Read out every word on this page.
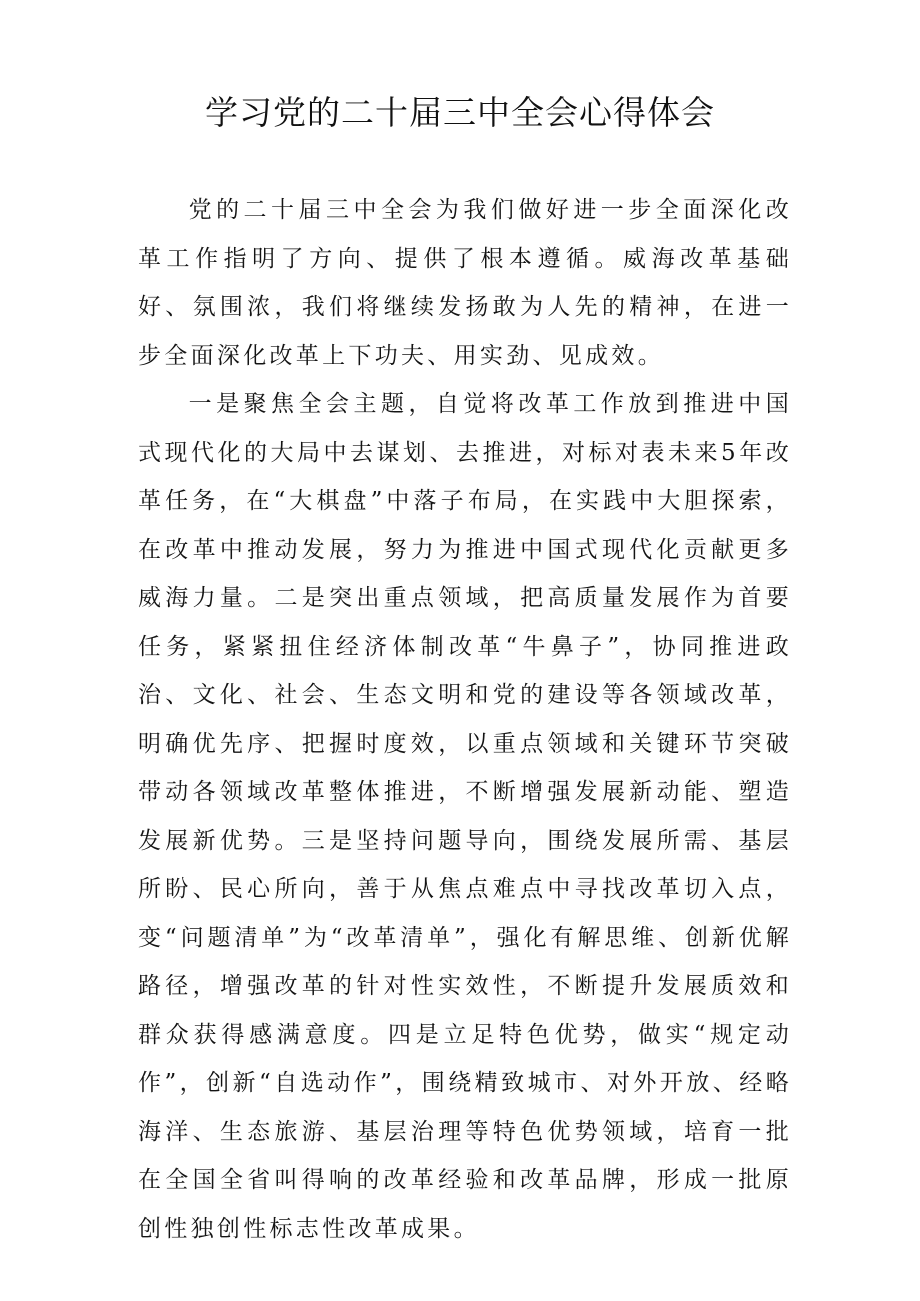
学习党的二十届三中全会心得体会

党的二十届三中全会为我们做好进一步全面深化改革工作指明了方向、提供了根本遵循。威海改革基础好、氛围浓，我们将继续发扬敢为人先的精神，在进一步全面深化改革上下功夫、用实劲、见成效。

一是聚焦全会主题，自觉将改革工作放到推进中国式现代化的大局中去谋划、去推进，对标对表未来5年改革任务，在“大棋盘”中落子布局，在实践中大胆探索，在改革中推动发展，努力为推进中国式现代化贡献更多威海力量。二是突出重点领域，把高质量发展作为首要任务，紧紧扭住经济体制改革“牛鼻子”，协同推进政治、文化、社会、生态文明和党的建设等各领域改革，明确优先序、把握时度效，以重点领域和关键环节突破带动各领域改革整体推进，不断增强发展新动能、塑造发展新优势。三是坚持问题导向，围绕发展所需、基层所盼、民心所向，善于从焦点难点中寻找改革切入点，变“问题清单”为“改革清单”，强化有解思维、创新优解路径，增强改革的针对性实效性，不断提升发展质效和群众获得感满意度。四是立足特色优势，做实“规定动作”，创新“自选动作”，围绕精致城市、对外开放、经略海洋、生态旅游、基层治理等特色优势领域，培育一批在全国全省叫得响的改革经验和改革品牌，形成一批原创性独创性标志性改革成果。
